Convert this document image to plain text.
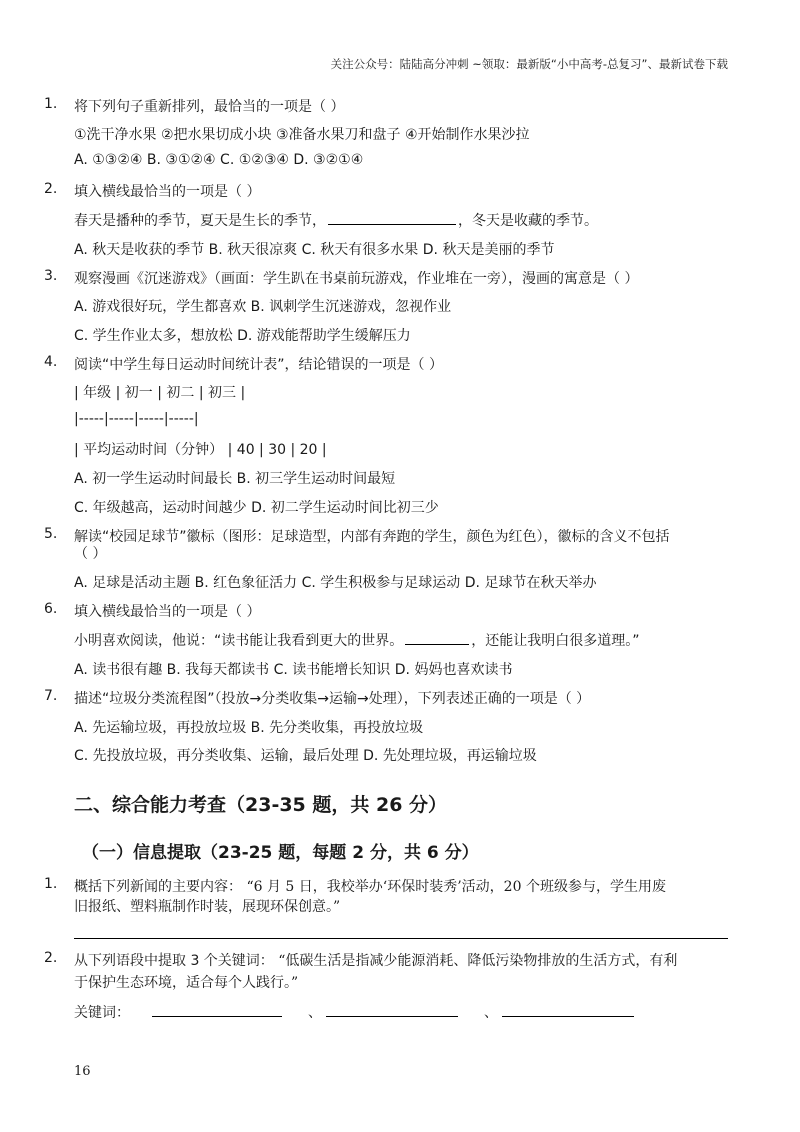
关注公众号：陆陆高分冲刺 ~领取：最新版“小中高考-总复习”、最新试卷下载
1. 将下列句子重新排列，最恰当的一项是（ ）
①洗干净水果 ②把水果切成小块 ③准备水果刀和盘子 ④开始制作水果沙拉
A. ①③②④ B. ③①②④ C. ①②③④ D. ③②①④
2. 填入横线最恰当的一项是（ ）
春天是播种的季节，夏天是生长的季节，	，冬天是收藏的季节。
A. 秋天是收获的季节 B. 秋天很凉爽 C. 秋天有很多水果 D. 秋天是美丽的季节
3. 观察漫画《沉迷游戏》（画面：学生趴在书桌前玩游戏，作业堆在一旁），漫画的寓意是（ ）
A. 游戏很好玩，学生都喜欢 B. 讽刺学生沉迷游戏，忽视作业
C. 学生作业太多，想放松 D. 游戏能帮助学生缓解压力
4. 阅读“中学生每日运动时间统计表”，结论错误的一项是（ ）
| 年级 | 初一 | 初二 | 初三 |
|-----|-----|-----|-----|
| 平均运动时间（分钟） | 40 | 30 | 20 |
A. 初一学生运动时间最长 B. 初三学生运动时间最短
C. 年级越高，运动时间越少 D. 初二学生运动时间比初三少
5. 解读“校园足球节”徽标（图形：足球造型，内部有奔跑的学生，颜色为红色），徽标的含义不包括
（ ）
A. 足球是活动主题 B. 红色象征活力 C. 学生积极参与足球运动 D. 足球节在秋天举办
6. 填入横线最恰当的一项是（ ）
小明喜欢阅读，他说：“读书能让我看到更大的世界。	，还能让我明白很多道理。”
A. 读书很有趣 B. 我每天都读书 C. 读书能增长知识 D. 妈妈也喜欢读书
7. 描述“垃圾分类流程图”（投放→分类收集→运输→处理），下列表述正确的一项是（ ）
A. 先运输垃圾，再投放垃圾 B. 先分类收集，再投放垃圾
C. 先投放垃圾，再分类收集、运输，最后处理 D. 先处理垃圾，再运输垃圾
二、综合能力考查（23-35 题，共 26 分）
（一）信息提取（23-25 题，每题 2 分，共 6 分）
1. 概括下列新闻的主要内容： “6 月 5 日，我校举办‘环保时装秀’活动，20 个班级参与，学生用废
旧报纸、塑料瓶制作时装，展现环保创意。”
2. 从下列语段中提取 3 个关键词： “低碳生活是指减少能源消耗、降低污染物排放的生活方式，有利
于保护生态环境，适合每个人践行。”
关键词：	、	、
16
